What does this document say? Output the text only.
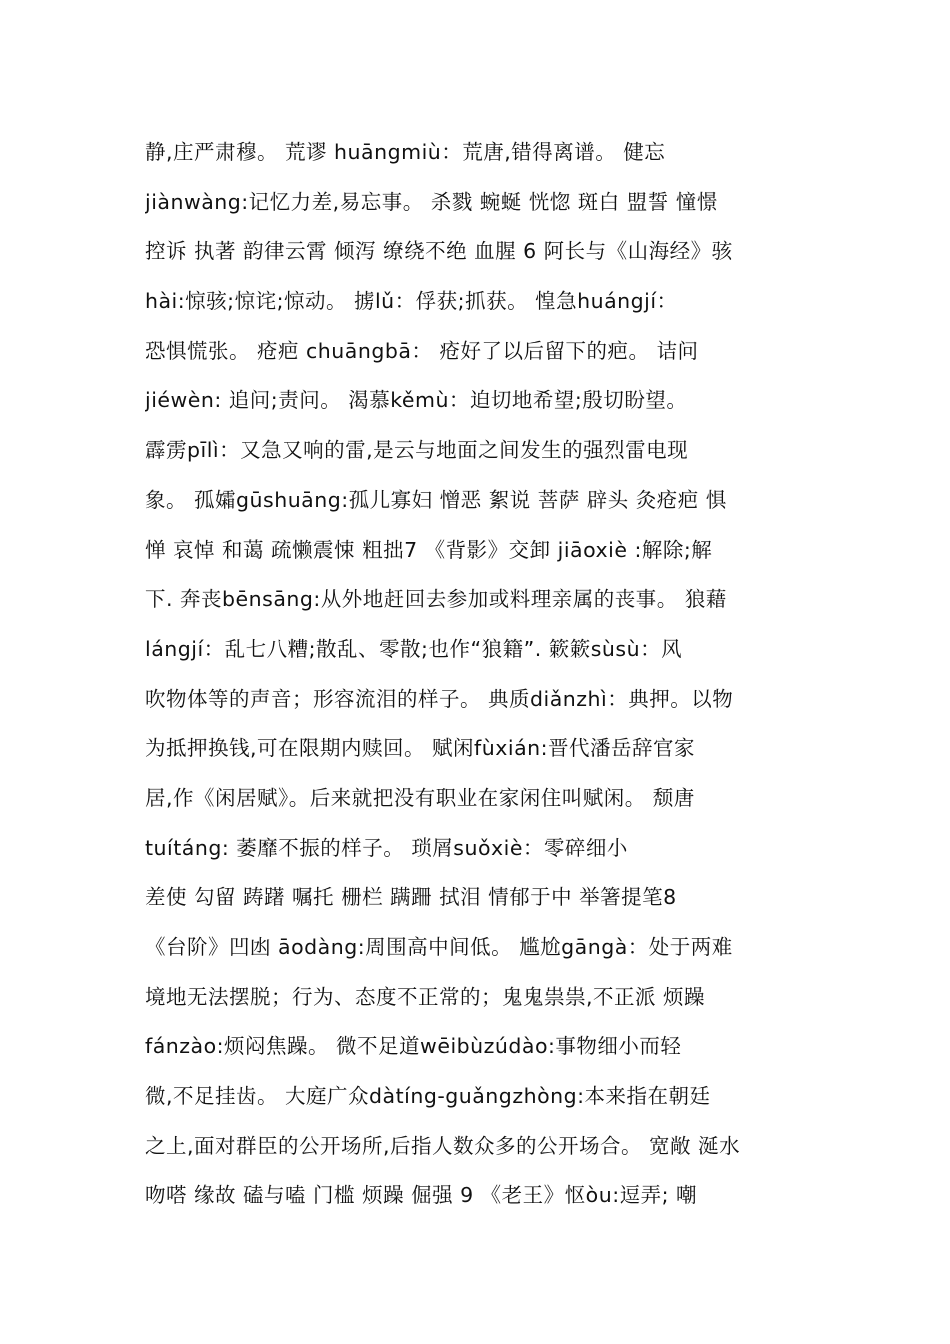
静,庄严肃穆。 荒谬 huāngmiù：荒唐,错得离谱。 健忘
jiànwàng:记忆力差,易忘事。 杀戮 蜿蜒 恍惚 斑白 盟誓 憧憬
控诉 执著 韵律云霄 倾泻 缭绕不绝 血腥 6 阿长与《山海经》骇
hài:惊骇;惊诧;惊动。 掳lǔ：俘获;抓获。 惶急huángjí：
恐惧慌张。 疮疤 chuāngbā： 疮好了以后留下的疤。 诘问
jiéwèn: 追问;责问。 渴慕kěmù：迫切地希望;殷切盼望。
霹雳pīlì：又急又响的雷,是云与地面之间发生的强烈雷电现
象。 孤孀gūshuāng:孤儿寡妇 憎恶 絮说 菩萨 辟头 灸疮疤 惧
惮 哀悼 和蔼 疏懒震悚 粗拙7 《背影》交卸 jiāoxiè :解除;解
下. 奔丧bēnsāng:从外地赶回去参加或料理亲属的丧事。 狼藉
lángjí：乱七八糟;散乱、零散;也作“狼籍”. 簌簌sùsù：风
吹物体等的声音；形容流泪的样子。 典质diǎnzhì：典押。以物
为抵押换钱,可在限期内赎回。 赋闲fùxián:晋代潘岳辞官家
居,作《闲居赋》。后来就把没有职业在家闲住叫赋闲。 颓唐
tuítáng: 萎靡不振的样子。 琐屑suǒxiè：零碎细小
差使 勾留 踌躇 嘱托 栅栏 蹒跚 拭泪 情郁于中 举箸提笔8
《台阶》凹凼 āodàng:周围高中间低。 尴尬gāngà：处于两难
境地无法摆脱；行为、态度不正常的；鬼鬼祟祟,不正派 烦躁
fánzào:烦闷焦躁。 微不足道wēibùzúdào:事物细小而轻
微,不足挂齿。 大庭广众dàtíng-guǎngzhòng:本来指在朝廷
之上,面对群臣的公开场所,后指人数众多的公开场合。 宽敞 涎水
吻嗒 缘故 磕与嗑 门槛 烦躁 倔强 9 《老王》怄òu:逗弄; 嘲
